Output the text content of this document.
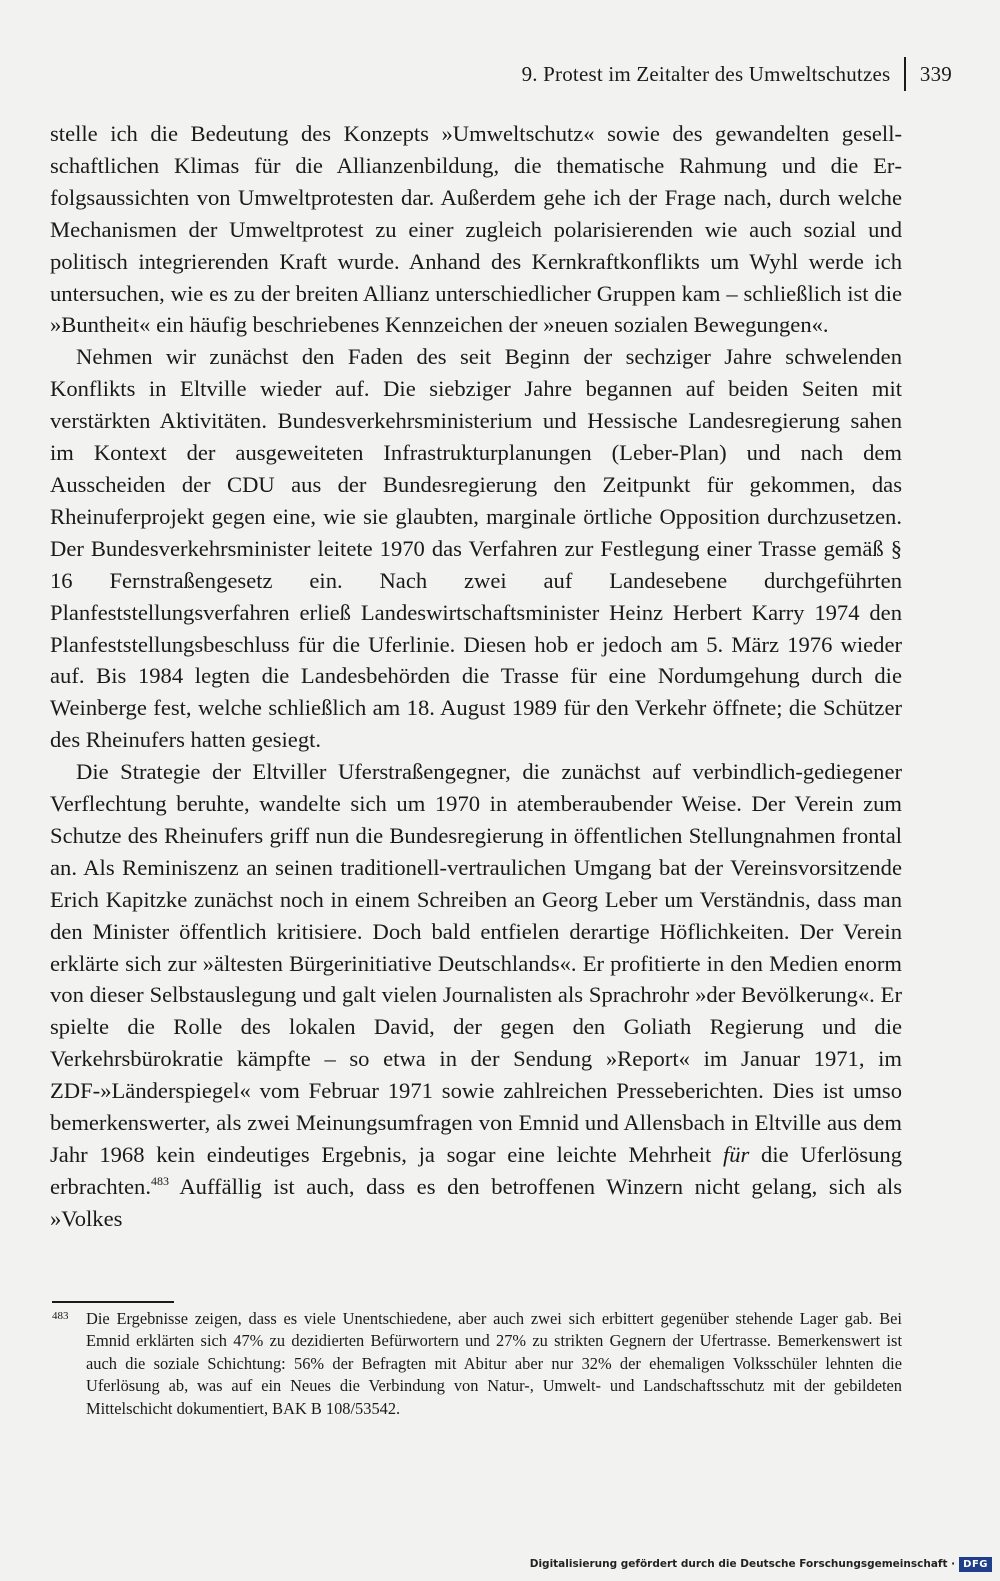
9. Protest im Zeitalter des Umweltschutzes 339

stelle ich die Bedeutung des Konzepts »Umweltschutz« sowie des gewandelten gesellschaftlichen Klimas für die Allianzenbildung, die thematische Rahmung und die Erfolgsaussichten von Umweltprotesten dar. Außerdem gehe ich der Frage nach, durch welche Mechanismen der Umweltprotest zu einer zugleich polarisierenden wie auch sozial und politisch integrierenden Kraft wurde. Anhand des Kernkraftkonflikts um Wyhl werde ich untersuchen, wie es zu der breiten Allianz unterschiedlicher Gruppen kam – schließlich ist die »Buntheit« ein häufig beschriebenes Kennzeichen der »neuen sozialen Bewegungen«.

Nehmen wir zunächst den Faden des seit Beginn der sechziger Jahre schwelenden Konflikts in Eltville wieder auf. Die siebziger Jahre begannen auf beiden Seiten mit verstärkten Aktivitäten. Bundesverkehrsministerium und Hessische Landesregierung sahen im Kontext der ausgeweiteten Infrastrukturplanungen (Leber-Plan) und nach dem Ausscheiden der CDU aus der Bundesregierung den Zeitpunkt für gekommen, das Rheinuferprojekt gegen eine, wie sie glaubten, marginale örtliche Opposition durchzusetzen. Der Bundesverkehrsminister leitete 1970 das Verfahren zur Festlegung einer Trasse gemäß § 16 Fernstraßengesetz ein. Nach zwei auf Landesebene durchgeführten Planfeststellungsverfahren erließ Landeswirtschaftsminister Heinz Herbert Karry 1974 den Planfeststellungsbeschluss für die Uferlinie. Diesen hob er jedoch am 5. März 1976 wieder auf. Bis 1984 legten die Landesbehörden die Trasse für eine Nordumgehung durch die Weinberge fest, welche schließlich am 18. August 1989 für den Verkehr öffnete; die Schützer des Rheinufers hatten gesiegt.

Die Strategie der Eltviller Uferstraßengegner, die zunächst auf verbindlich-gediegener Verflechtung beruhte, wandelte sich um 1970 in atemberaubender Weise. Der Verein zum Schutze des Rheinufers griff nun die Bundesregierung in öffentlichen Stellungnahmen frontal an. Als Reminiszenz an seinen traditionell-vertraulichen Umgang bat der Vereinsvorsitzende Erich Kapitzke zunächst noch in einem Schreiben an Georg Leber um Verständnis, dass man den Minister öffentlich kritisiere. Doch bald entfielen derartige Höflichkeiten. Der Verein erklärte sich zur »ältesten Bürgerinitiative Deutschlands«. Er profitierte in den Medien enorm von dieser Selbstauslegung und galt vielen Journalisten als Sprachrohr »der Bevölkerung«. Er spielte die Rolle des lokalen David, der gegen den Goliath Regierung und die Verkehrsbürokratie kämpfte – so etwa in der Sendung »Report« im Januar 1971, im ZDF-»Länderspiegel« vom Februar 1971 sowie zahlreichen Presseberichten. Dies ist umso bemerkenswerter, als zwei Meinungsumfragen von Emnid und Allensbach in Eltville aus dem Jahr 1968 kein eindeutiges Ergebnis, ja sogar eine leichte Mehrheit für die Uferlösung erbrachten.$^{483}$ Auffällig ist auch, dass es den betroffenen Winzern nicht gelang, sich als »Volkes

483 Die Ergebnisse zeigen, dass es viele Unentschiedene, aber auch zwei sich erbittert gegenüber stehende Lager gab. Bei Emnid erklärten sich 47% zu dezidierten Befürwortern und 27% zu strikten Gegnern der Ufertrasse. Bemerkenswert ist auch die soziale Schichtung: 56% der Befragten mit Abitur aber nur 32% der ehemaligen Volksschüler lehnten die Uferlösung ab, was auf ein Neues die Verbindung von Natur-, Umwelt- und Landschaftsschutz mit der gebildeten Mittelschicht dokumentiert, BAK B 108/53542.
Digitalisierung gefördert durch die Deutsche Forschungsgemeinschaft · DFG
